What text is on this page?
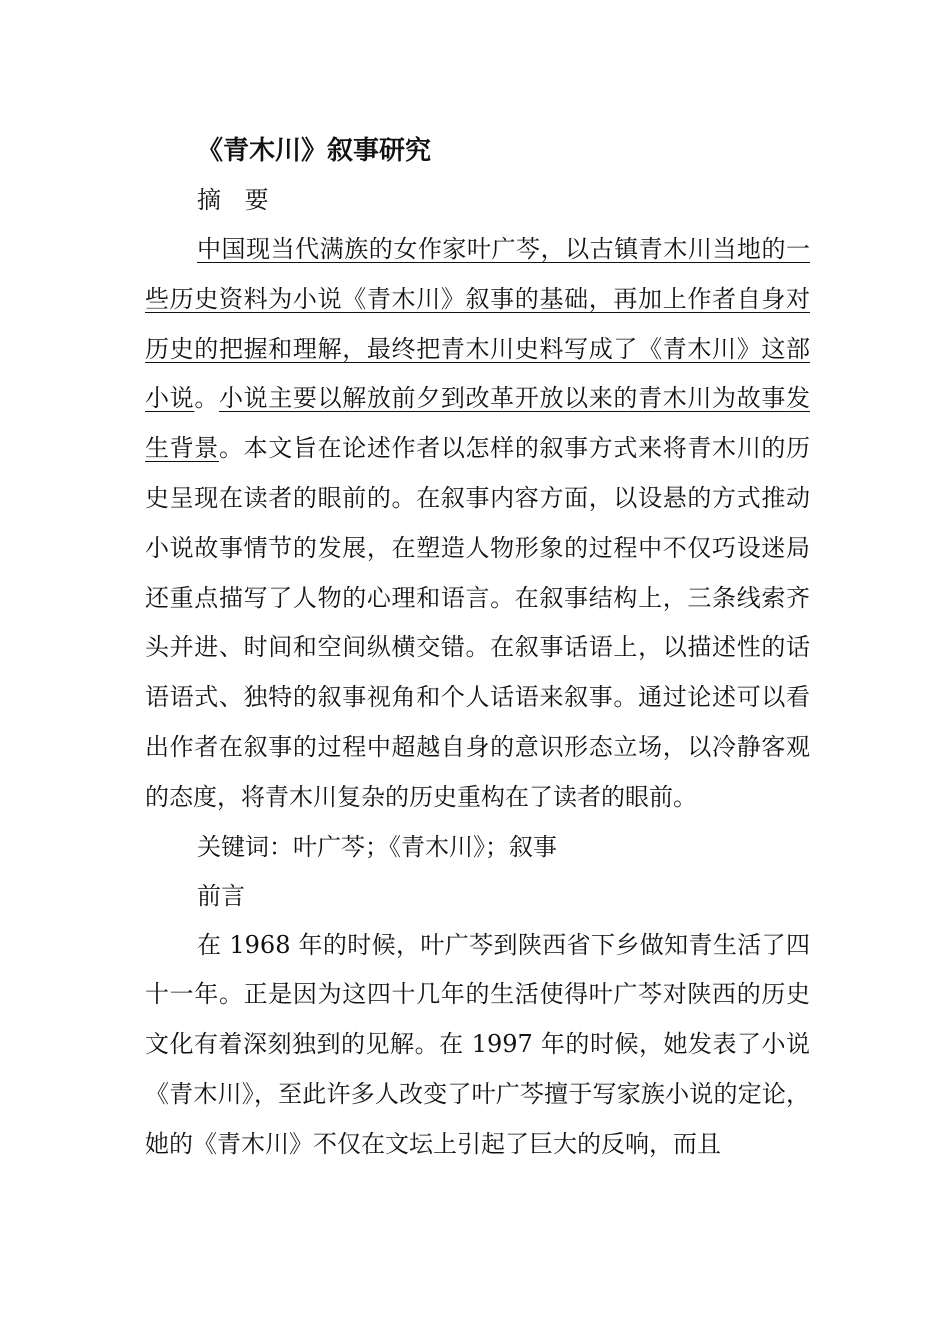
《青木川》叙事研究

摘 要

中国现当代满族的女作家叶广芩，以古镇青木川当地的一些历史资料为小说《青木川》叙事的基础，再加上作者自身对历史的把握和理解，最终把青木川史料写成了《青木川》这部小说。小说主要以解放前夕到改革开放以来的青木川为故事发生背景。本文旨在论述作者以怎样的叙事方式来将青木川的历史呈现在读者的眼前的。在叙事内容方面，以设悬的方式推动小说故事情节的发展，在塑造人物形象的过程中不仅巧设迷局还重点描写了人物的心理和语言。在叙事结构上，三条线索齐头并进、时间和空间纵横交错。在叙事话语上，以描述性的话语语式、独特的叙事视角和个人话语来叙事。通过论述可以看出作者在叙事的过程中超越自身的意识形态立场，以冷静客观的态度，将青木川复杂的历史重构在了读者的眼前。

关键词：叶广芩；《青木川》；叙事

前言

在 1968 年的时候，叶广芩到陕西省下乡做知青生活了四十一年。正是因为这四十几年的生活使得叶广芩对陕西的历史文化有着深刻独到的见解。在 1997 年的时候，她发表了小说《青木川》，至此许多人改变了叶广芩擅于写家族小说的定论，她的《青木川》不仅在文坛上引起了巨大的反响，而且
